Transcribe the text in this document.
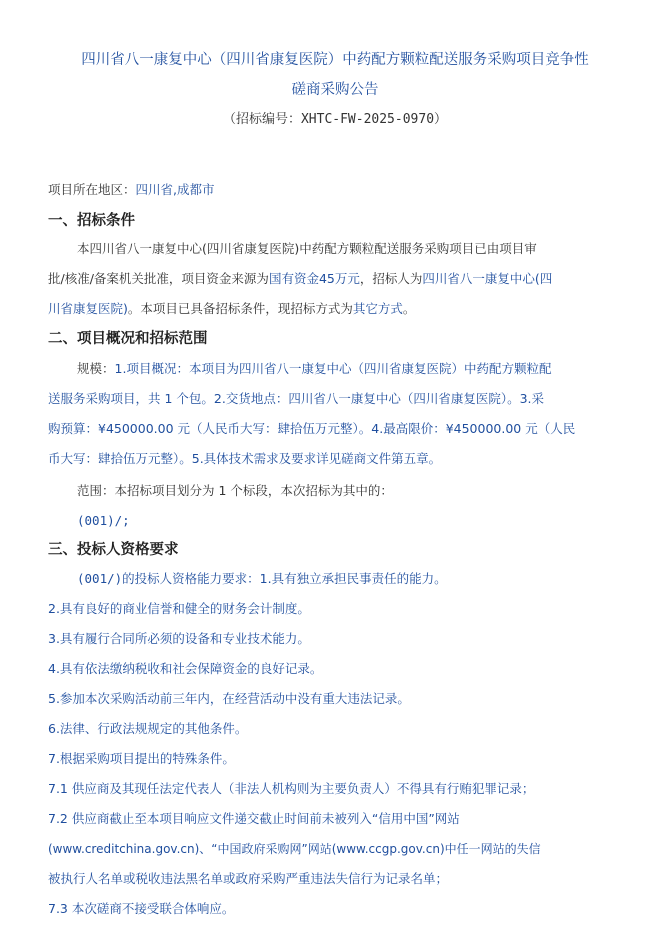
四川省八一康复中心（四川省康复医院）中药配方颗粒配送服务采购项目竞争性
磋商采购公告
（招标编号：XHTC-FW-2025-0970）
项目所在地区：四川省,成都市
一、招标条件
本四川省八一康复中心(四川省康复医院)中药配方颗粒配送服务采购项目已由项目审
批/核准/备案机关批准，项目资金来源为国有资金45万元，招标人为四川省八一康复中心(四
川省康复医院)。本项目已具备招标条件，现招标方式为其它方式。
二、项目概况和招标范围
规模：1.项目概况：本项目为四川省八一康复中心（四川省康复医院）中药配方颗粒配
送服务采购项目，共 1 个包。2.交货地点：四川省八一康复中心（四川省康复医院）。3.采
购预算：¥450000.00 元（人民币大写：肆拾伍万元整）。4.最高限价：¥450000.00 元（人民
币大写：肆拾伍万元整）。5.具体技术需求及要求详见磋商文件第五章。
范围：本招标项目划分为 1 个标段，本次招标为其中的：
(001)/;
三、投标人资格要求
(001/)的投标人资格能力要求：1.具有独立承担民事责任的能力。
2.具有良好的商业信誉和健全的财务会计制度。
3.具有履行合同所必须的设备和专业技术能力。
4.具有依法缴纳税收和社会保障资金的良好记录。
5.参加本次采购活动前三年内，在经营活动中没有重大违法记录。
6.法律、行政法规规定的其他条件。
7.根据采购项目提出的特殊条件。
7.1 供应商及其现任法定代表人（非法人机构则为主要负责人）不得具有行贿犯罪记录；
7.2 供应商截止至本项目响应文件递交截止时间前未被列入“信用中国”网站
(www.creditchina.gov.cn)、“中国政府采购网”网站(www.ccgp.gov.cn)中任一网站的失信
被执行人名单或税收违法黑名单或政府采购严重违法失信行为记录名单；
7.3 本次磋商不接受联合体响应。
